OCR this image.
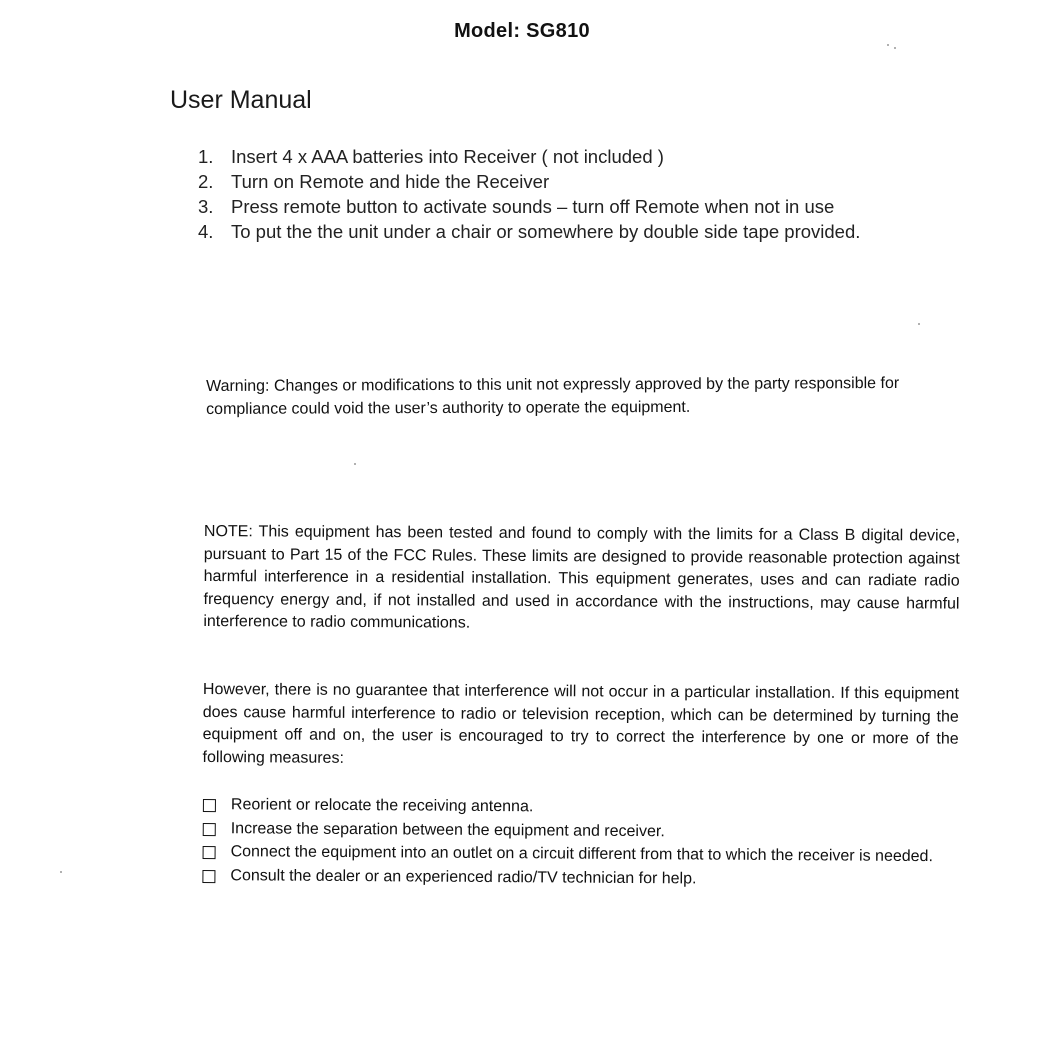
Model: SG810
User Manual
1. Insert 4 x AAA batteries into Receiver ( not included )
2. Turn on Remote and hide the Receiver
3. Press remote button to activate sounds – turn off Remote when not in use
4. To put the the unit under a chair or somewhere by double side tape provided.

Warning: Changes or modifications to this unit not expressly approved by the party responsible for compliance could void the user’s authority to operate the equipment.

NOTE: This equipment has been tested and found to comply with the limits for a Class B digital device, pursuant to Part 15 of the FCC Rules. These limits are designed to provide reasonable protection against harmful interference in a residential installation. This equipment generates, uses and can radiate radio frequency energy and, if not installed and used in accordance with the instructions, may cause harmful interference to radio communications.

However, there is no guarantee that interference will not occur in a particular installation. If this equipment does cause harmful interference to radio or television reception, which can be determined by turning the equipment off and on, the user is encouraged to try to correct the interference by one or more of the following measures:

Reorient or relocate the receiving antenna.
Increase the separation between the equipment and receiver.
Connect the equipment into an outlet on a circuit different from that to which the receiver is needed.
Consult the dealer or an experienced radio/TV technician for help.
